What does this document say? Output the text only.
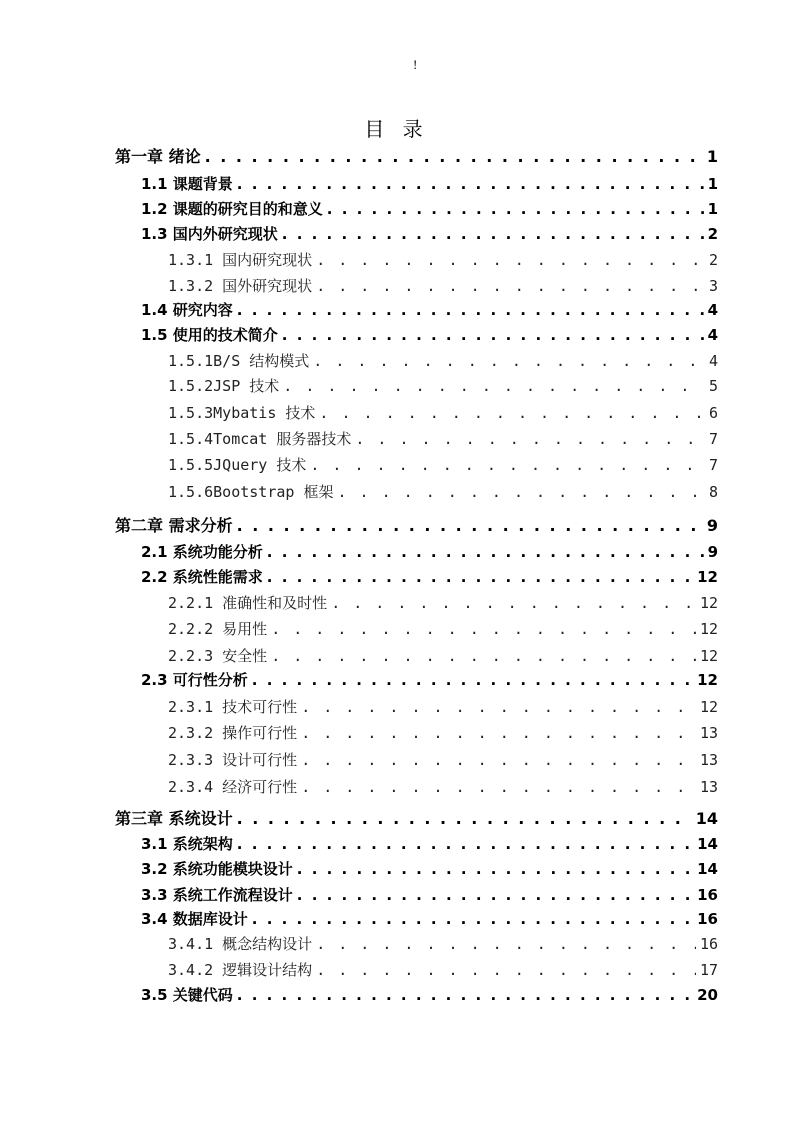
!
目 录
第一章 绪论 . . .	1
1.1 课题背景 . . .	1
1.2 课题的研究目的和意义 . . .	1
1.3 国内外研究现状 . . .	2
1.3.1 国内研究现状 . . .	2
1.3.2 国外研究现状 . . .	3
1.4 研究内容 . . .	4
1.5 使用的技术简介 . . .	4
1.5.1B/S 结构模式 . . .	4
1.5.2JSP 技术 . . .	5
1.5.3Mybatis 技术 . . .	6
1.5.4Tomcat 服务器技术 . . .	7
1.5.5JQuery 技术 . . .	7
1.5.6Bootstrap 框架 . . .	8
第二章 需求分析 . . .	9
2.1 系统功能分析 . . .	9
2.2 系统性能需求 . . .	12
2.2.1 准确性和及时性 . . .	12
2.2.2 易用性 . . .	12
2.2.3 安全性 . . .	12
2.3 可行性分析 . . .	12
2.3.1 技术可行性 . . .	12
2.3.2 操作可行性 . . .	13
2.3.3 设计可行性 . . .	13
2.3.4 经济可行性 . . .	13
第三章 系统设计 . . .	14
3.1 系统架构 . . .	14
3.2 系统功能模块设计 . . .	14
3.3 系统工作流程设计 . . .	16
3.4 数据库设计 . . .	16
3.4.1 概念结构设计 . . .	16
3.4.2 逻辑设计结构 . . .	17
3.5 关键代码 . . .	20
